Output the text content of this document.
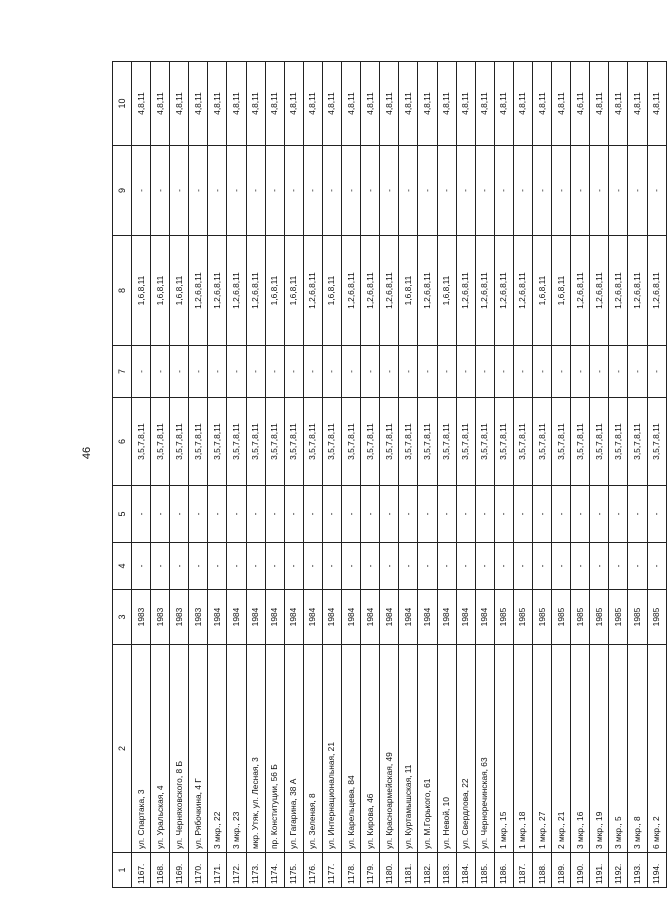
46
1	2	3	4	5	6	7	8	9	10
1167.	ул. Спартака, 3	1983	-	-	3,5,7,8,11	-	1,6,8,11	-	4,8,11
1168.	ул. Уральская, 4	1983	-	-	3,5,7,8,11	-	1,6,8,11	-	4,8,11
1169.	ул. Черняховского, 8 Б	1983	-	-	3,5,7,8,11	-	1,6,8,11	-	4,8,11
1170.	ул. Рябочкина, 4 Г	1983	-	-	3,5,7,8,11	-	1,2,6,8,11	-	4,8,11
1171.	3 мкр., 22	1984	-	-	3,5,7,8,11	-	1,2,6,8,11	-	4,8,11
1172.	3 мкр., 23	1984	-	-	3,5,7,8,11	-	1,2,6,8,11	-	4,8,11
1173.	мкр. Утяк, ул. Лесная, 3	1984	-	-	3,5,7,8,11	-	1,2,6,8,11	-	4,8,11
1174.	пр. Конституции, 56 Б	1984	-	-	3,5,7,8,11	-	1,6,8,11	-	4,8,11
1175.	ул. Гагарина, 38 А	1984	-	-	3,5,7,8,11	-	1,6,8,11	-	4,8,11
1176.	ул. Зеленая, 8	1984	-	-	3,5,7,8,11	-	1,2,6,8,11	-	4,8,11
1177.	ул. Интернациональная, 21	1984	-	-	3,5,7,8,11	-	1,6,8,11	-	4,8,11
1178.	ул. Карельцева, 84	1984	-	-	3,5,7,8,11	-	1,2,6,8,11	-	4,8,11
1179.	ул. Кирова, 46	1984	-	-	3,5,7,8,11	-	1,2,6,8,11	-	4,8,11
1180.	ул. Красноармейская, 49	1984	-	-	3,5,7,8,11	-	1,2,6,8,11	-	4,8,11
1181.	ул. Куртамышская, 11	1984	-	-	3,5,7,8,11	-	1,6,8,11	-	4,8,11
1182.	ул. М.Горького, 61	1984	-	-	3,5,7,8,11	-	1,2,6,8,11	-	4,8,11
1183.	ул. Невой, 10	1984	-	-	3,5,7,8,11	-	1,6,8,11	-	4,8,11
1184.	ул. Свердлова, 22	1984	-	-	3,5,7,8,11	-	1,2,6,8,11	-	4,8,11
1185.	ул. Черноречинская, 63	1984	-	-	3,5,7,8,11	-	1,2,6,8,11	-	4,8,11
1186.	1 мкр., 15	1985	-	-	3,5,7,8,11	-	1,2,6,8,11	-	4,8,11
1187.	1 мкр., 18	1985	-	-	3,5,7,8,11	-	1,2,6,8,11	-	4,8,11
1188.	1 мкр., 27	1985	-	-	3,5,7,8,11	-	1,6,8,11	-	4,8,11
1189.	2 мкр., 21	1985	-	-	3,5,7,8,11	-	1,6,8,11	-	4,8,11
1190.	3 мкр., 16	1985	-	-	3,5,7,8,11	-	1,2,6,8,11	-	4,6,11
1191.	3 мкр., 19	1985	-	-	3,5,7,8,11	-	1,2,6,8,11	-	4,8,11
1192.	3 мкр., 5	1985	-	-	3,5,7,8,11	-	1,2,6,8,11	-	4,8,11
1193.	3 мкр., 8	1985	-	-	3,5,7,8,11	-	1,2,6,8,11	-	4,8,11
1194.	6 мкр., 2	1985	-	-	3,5,7,8,11	-	1,2,6,8,11	-	4,8,11
